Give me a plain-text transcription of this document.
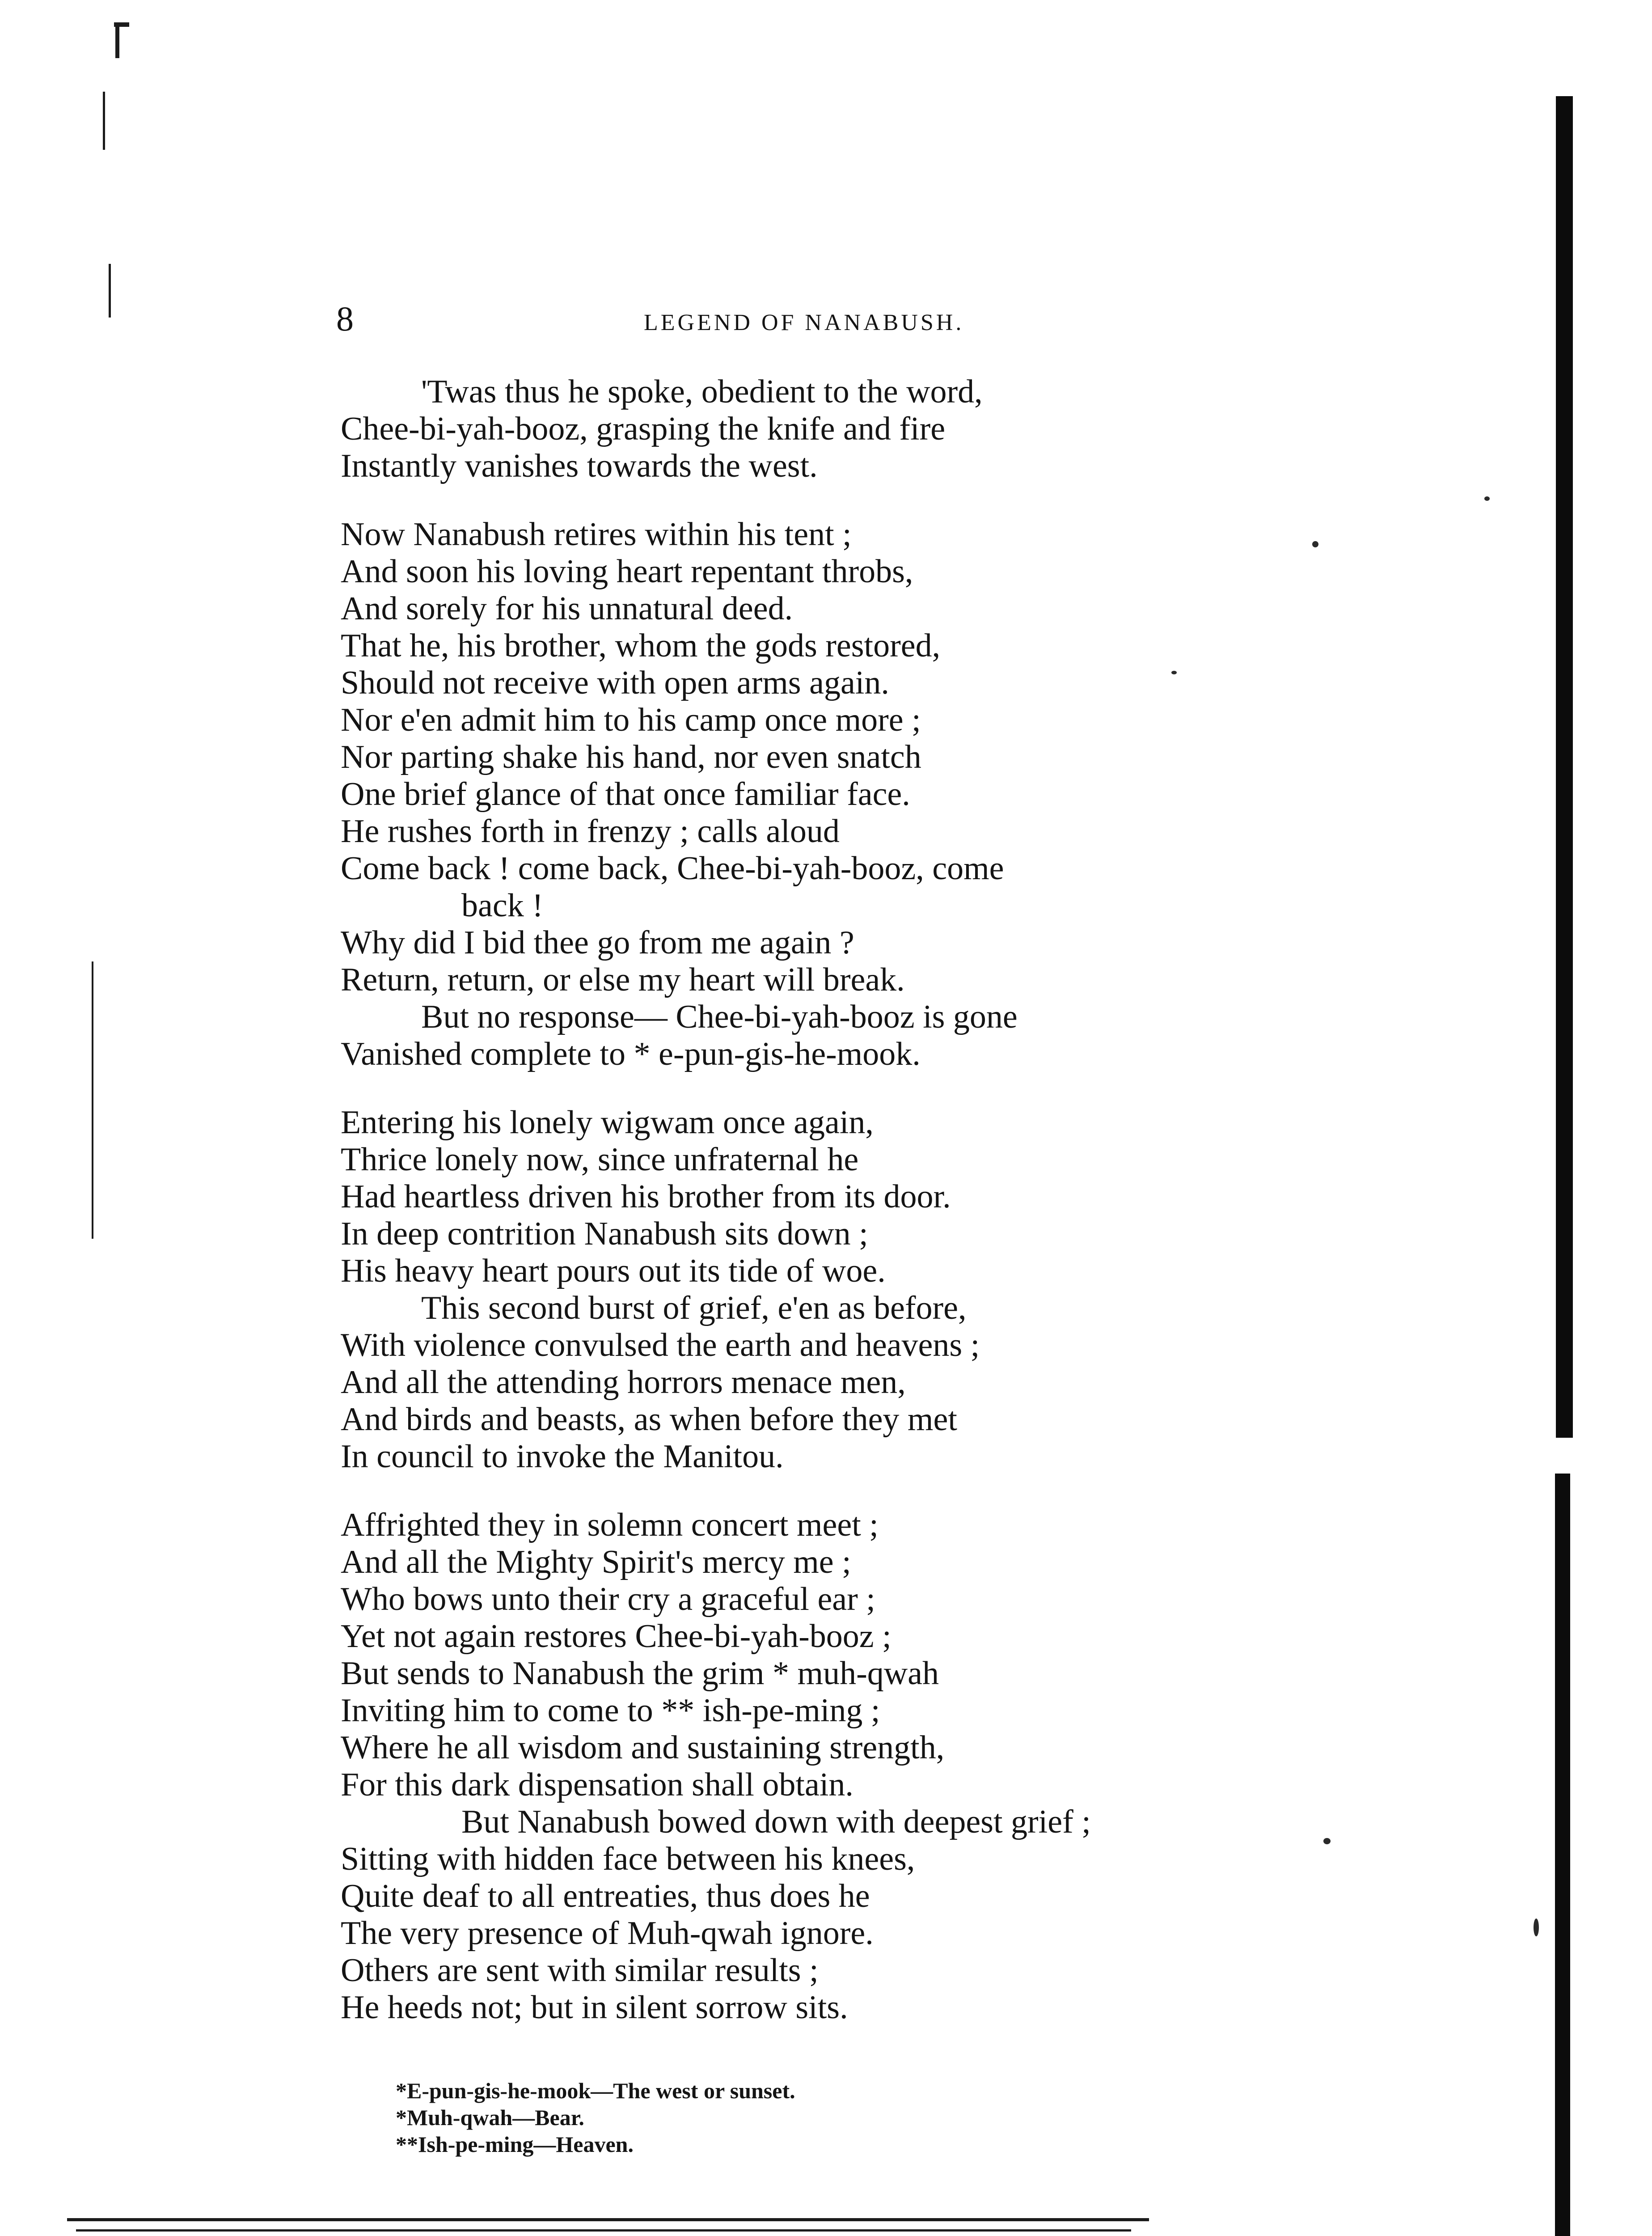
8	LEGEND OF NANABUSH.
'Twas thus he spoke, obedient to the word,
Chee-bi-yah-booz, grasping the knife and fire
Instantly vanishes towards the west.
Now Nanabush retires within his tent ;
And soon his loving heart repentant throbs,
And sorely for his unnatural deed.
That he, his brother, whom the gods restored,
Should not receive with open arms again.
Nor e'en admit him to his camp once more ;
Nor parting shake his hand, nor even snatch
One brief glance of that once familiar face.
He rushes forth in frenzy ; calls aloud
Come back ! come back, Chee-bi-yah-booz, come
back !
Why did I bid thee go from me again ?
Return, return, or else my heart will break.
But no response— Chee-bi-yah-booz is gone
Vanished complete to * e-pun-gis-he-mook.
Entering his lonely wigwam once again,
Thrice lonely now, since unfraternal he
Had heartless driven his brother from its door.
In deep contrition Nanabush sits down ;
His heavy heart pours out its tide of woe.
This second burst of grief, e'en as before,
With violence convulsed the earth and heavens ;
And all the attending horrors menace men,
And birds and beasts, as when before they met
In council to invoke the Manitou.
Affrighted they in solemn concert meet ;
And all the Mighty Spirit's mercy me ;
Who bows unto their cry a graceful ear ;
Yet not again restores Chee-bi-yah-booz ;
But sends to Nanabush the grim * muh-qwah
Inviting him to come to ** ish-pe-ming ;
Where he all wisdom and sustaining strength,
For this dark dispensation shall obtain.
But Nanabush bowed down with deepest grief ;
Sitting with hidden face between his knees,
Quite deaf to all entreaties, thus does he
The very presence of Muh-qwah ignore.
Others are sent with similar results ;
He heeds not; but in silent sorrow sits.
*E-pun-gis-he-mook—The west or sunset.
*Muh-qwah—Bear.
**Ish-pe-ming—Heaven.
